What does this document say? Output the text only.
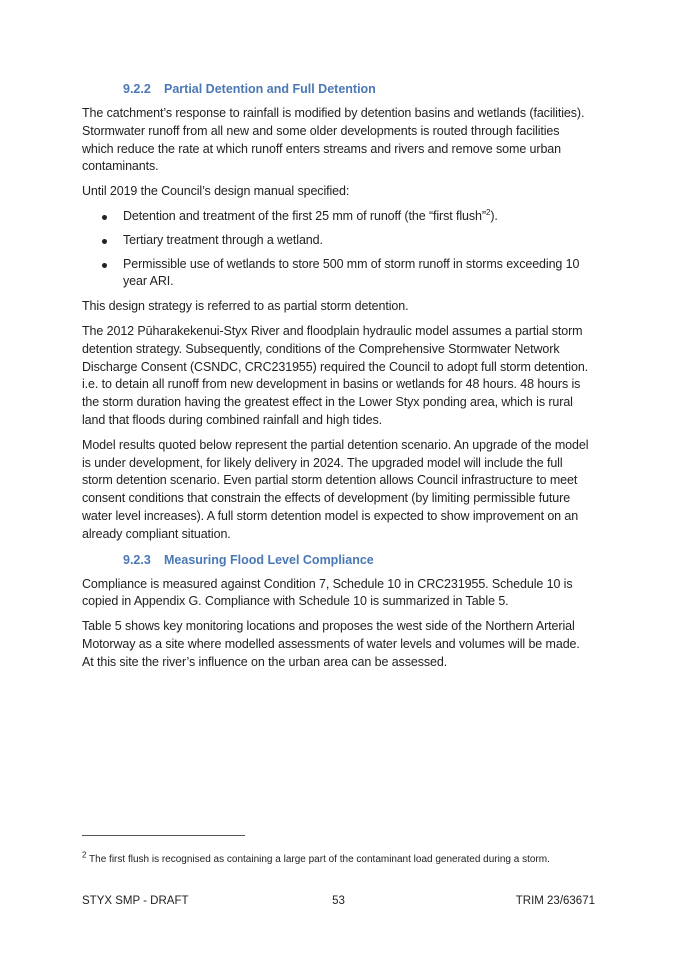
9.2.2 Partial Detention and Full Detention

The catchment’s response to rainfall is modified by detention basins and wetlands (facilities). Stormwater runoff from all new and some older developments is routed through facilities which reduce the rate at which runoff enters streams and rivers and remove some urban contaminants.

Until 2019 the Council’s design manual specified:

Detention and treatment of the first 25 mm of runoff (the “first flush”$^2$).
Tertiary treatment through a wetland.
Permissible use of wetlands to store 500 mm of storm runoff in storms exceeding 10 year ARI.

This design strategy is referred to as partial storm detention.

The 2012 Pūharakekenui-Styx River and floodplain hydraulic model assumes a partial storm detention strategy. Subsequently, conditions of the Comprehensive Stormwater Network Discharge Consent (CSNDC, CRC231955) required the Council to adopt full storm detention. i.e. to detain all runoff from new development in basins or wetlands for 48 hours. 48 hours is the storm duration having the greatest effect in the Lower Styx ponding area, which is rural land that floods during combined rainfall and high tides.

Model results quoted below represent the partial detention scenario. An upgrade of the model is under development, for likely delivery in 2024. The upgraded model will include the full storm detention scenario. Even partial storm detention allows Council infrastructure to meet consent conditions that constrain the effects of development (by limiting permissible future water level increases). A full storm detention model is expected to show improvement on an already compliant situation.

9.2.3 Measuring Flood Level Compliance

Compliance is measured against Condition 7, Schedule 10 in CRC231955. Schedule 10 is copied in Appendix G. Compliance with Schedule 10 is summarized in Table 5.

Table 5 shows key monitoring locations and proposes the west side of the Northern Arterial Motorway as a site where modelled assessments of water levels and volumes will be made. At this site the river’s influence on the urban area can be assessed.

$^2$ The first flush is recognised as containing a large part of the contaminant load generated during a storm.
STYX SMP - DRAFT	53	TRIM 23/63671
